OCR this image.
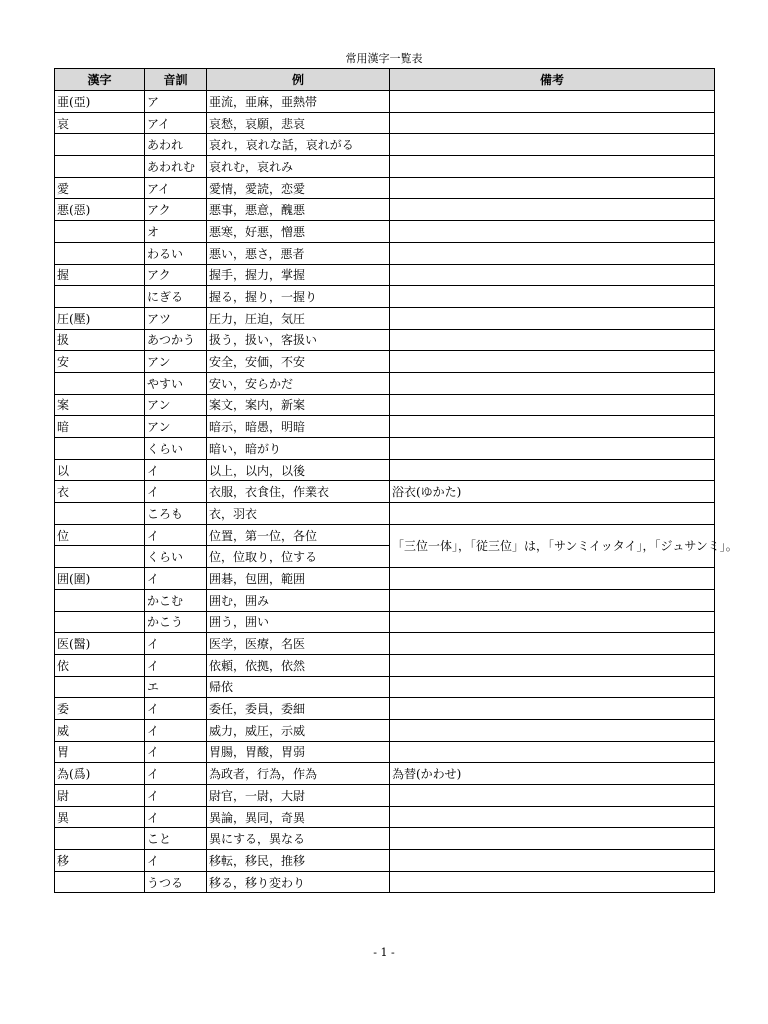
常用漢字一覧表
漢字	音訓	例	備考
亜(亞)	ア	亜流，亜麻，亜熱帯	
哀	アイ	哀愁，哀願，悲哀	
	あわれ	哀れ，哀れな話，哀れがる	
	あわれむ	哀れむ，哀れみ	
愛	アイ	愛情，愛読，恋愛	
悪(惡)	アク	悪事，悪意，醜悪	
	オ	悪寒，好悪，憎悪	
	わるい	悪い，悪さ，悪者	
握	アク	握手，握力，掌握	
	にぎる	握る，握り，一握り	
圧(壓)	アツ	圧力，圧迫，気圧	
扱	あつかう	扱う，扱い，客扱い	
安	アン	安全，安価，不安	
	やすい	安い，安らかだ	
案	アン	案文，案内，新案	
暗	アン	暗示，暗愚，明暗	
	くらい	暗い，暗がり	
以	イ	以上，以内，以後	
衣	イ	衣服，衣食住，作業衣	浴衣(ゆかた)
	ころも	衣，羽衣	
位	イ	位置，第一位，各位	「三位一体」，「従三位」は，「サンミイッタイ」，「ジュサンミ」。
	くらい	位，位取り，位する	
囲(圍)	イ	囲碁，包囲，範囲	
	かこむ	囲む，囲み	
	かこう	囲う，囲い	
医(醫)	イ	医学，医療，名医	
依	イ	依頼，依拠，依然	
	エ	帰依	
委	イ	委任，委員，委細	
威	イ	威力，威圧，示威	
胃	イ	胃腸，胃酸，胃弱	
為(爲)	イ	為政者，行為，作為	為替(かわせ)
尉	イ	尉官，一尉，大尉	
異	イ	異論，異同，奇異	
	こと	異にする，異なる	
移	イ	移転，移民，推移	
	うつる	移る，移り変わり	
- 1 -
